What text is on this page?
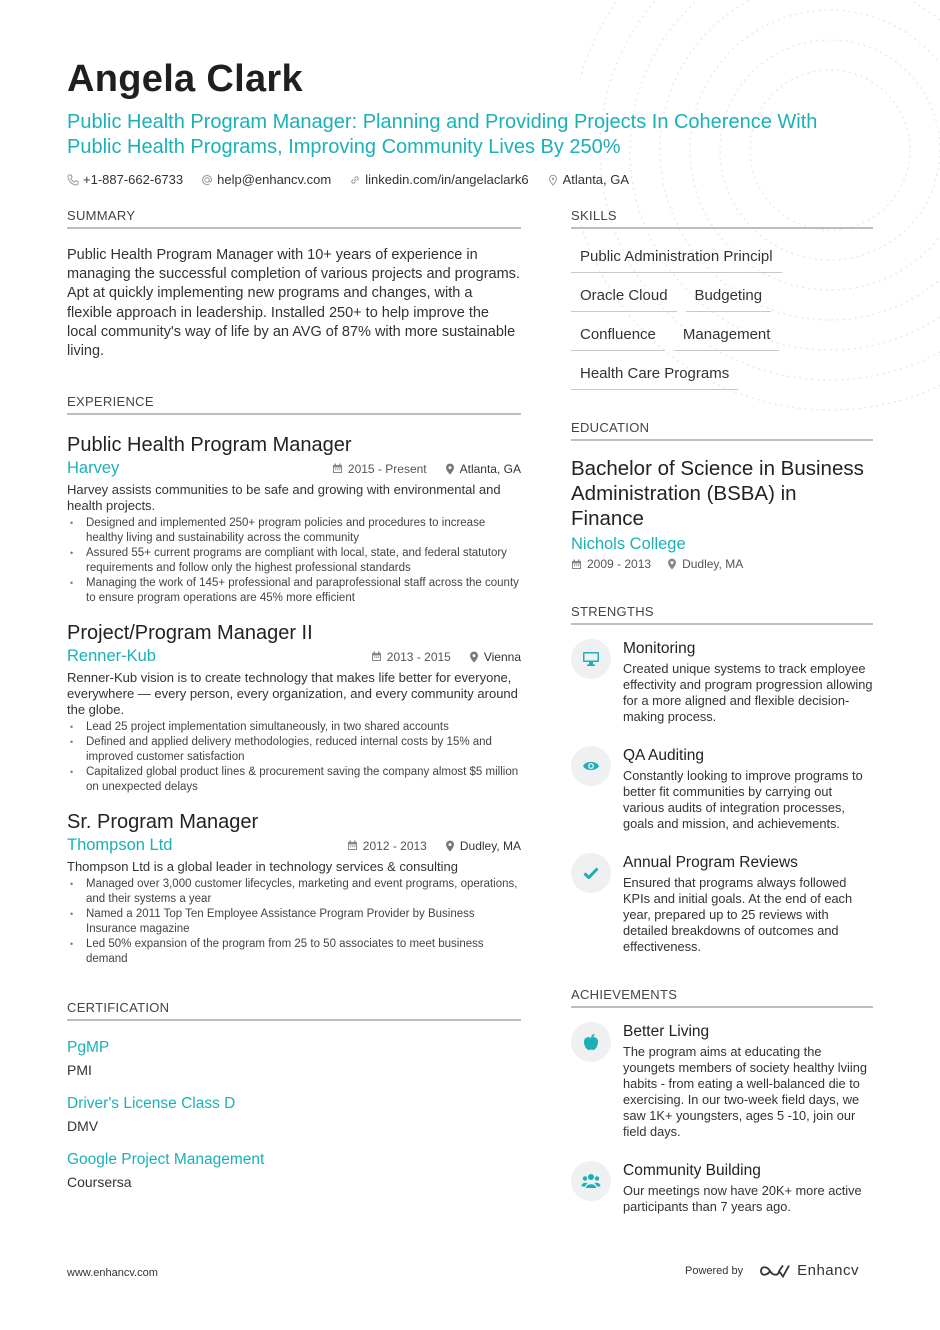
Angela Clark
Public Health Program Manager: Planning and Providing Projects In Coherence With Public Health Programs, Improving Community Lives By 250%
+1-887-662-6733	help@enhancv.com	linkedin.com/in/angelaclark6	Atlanta, GA
SUMMARY

Public Health Program Manager with 10+ years of experience in managing the successful completion of various projects and programs. Apt at quickly implementing new programs and changes, with a flexible approach in leadership. Installed 250+ to help improve the local community's way of life by an AVG of 87% with more sustainable living.

EXPERIENCE
Public Health Program Manager
Harvey	2015 - Present	Atlanta, GA

Harvey assists communities to be safe and growing with environmental and health projects.

• Designed and implemented 250+ program policies and procedures to increase healthy living and sustainability across the community
• Assured 55+ current programs are compliant with local, state, and federal statutory requirements and follow only the highest professional standards
• Managing the work of 145+ professional and paraprofessional staff across the county to ensure program operations are 45% more efficient
Project/Program Manager II
Renner-Kub	2013 - 2015	Vienna

Renner-Kub vision is to create technology that makes life better for everyone, everywhere — every person, every organization, and every community around the globe.

• Lead 25 project implementation simultaneously, in two shared accounts
• Defined and applied delivery methodologies, reduced internal costs by 15% and improved customer satisfaction
• Capitalized global product lines & procurement saving the company almost $5 million on unexpected delays
Sr. Program Manager
Thompson Ltd	2012 - 2013	Dudley, MA

Thompson Ltd is a global leader in technology services & consulting

• Managed over 3,000 customer lifecycles, marketing and event programs, operations, and their systems a year
• Named a 2011 Top Ten Employee Assistance Program Provider by Business Insurance magazine
• Led 50% expansion of the program from 25 to 50 associates to meet business demand
CERTIFICATION
PgMP
PMI
Driver's License Class D
DMV
Google Project Management
Coursersa
SKILLS
Public Administration Principl
Oracle Cloud	Budgeting
Confluence	Management
Health Care Programs
EDUCATION
Bachelor of Science in Business Administration (BSBA) in Finance
Nichols College
2009 - 2013	Dudley, MA
STRENGTHS
Monitoring
Created unique systems to track employee effectivity and program progression allowing for a more aligned and flexible decision-making process.
QA Auditing
Constantly looking to improve programs to better fit communities by carrying out various audits of integration processes, goals and mission, and achievements.
Annual Program Reviews
Ensured that programs always followed KPIs and initial goals. At the end of each year, prepared up to 25 reviews with detailed breakdowns of outcomes and effectiveness.
ACHIEVEMENTS
Better Living
The program aims at educating the youngets members of society healthy lviing habits - from eating a well-balanced die to exercising. In our two-week field days, we saw 1K+ youngsters, ages 5 -10, join our field days.
Community Building
Our meetings now have 20K+ more active participants than 7 years ago.
www.enhancv.com	Powered by	Enhancv
